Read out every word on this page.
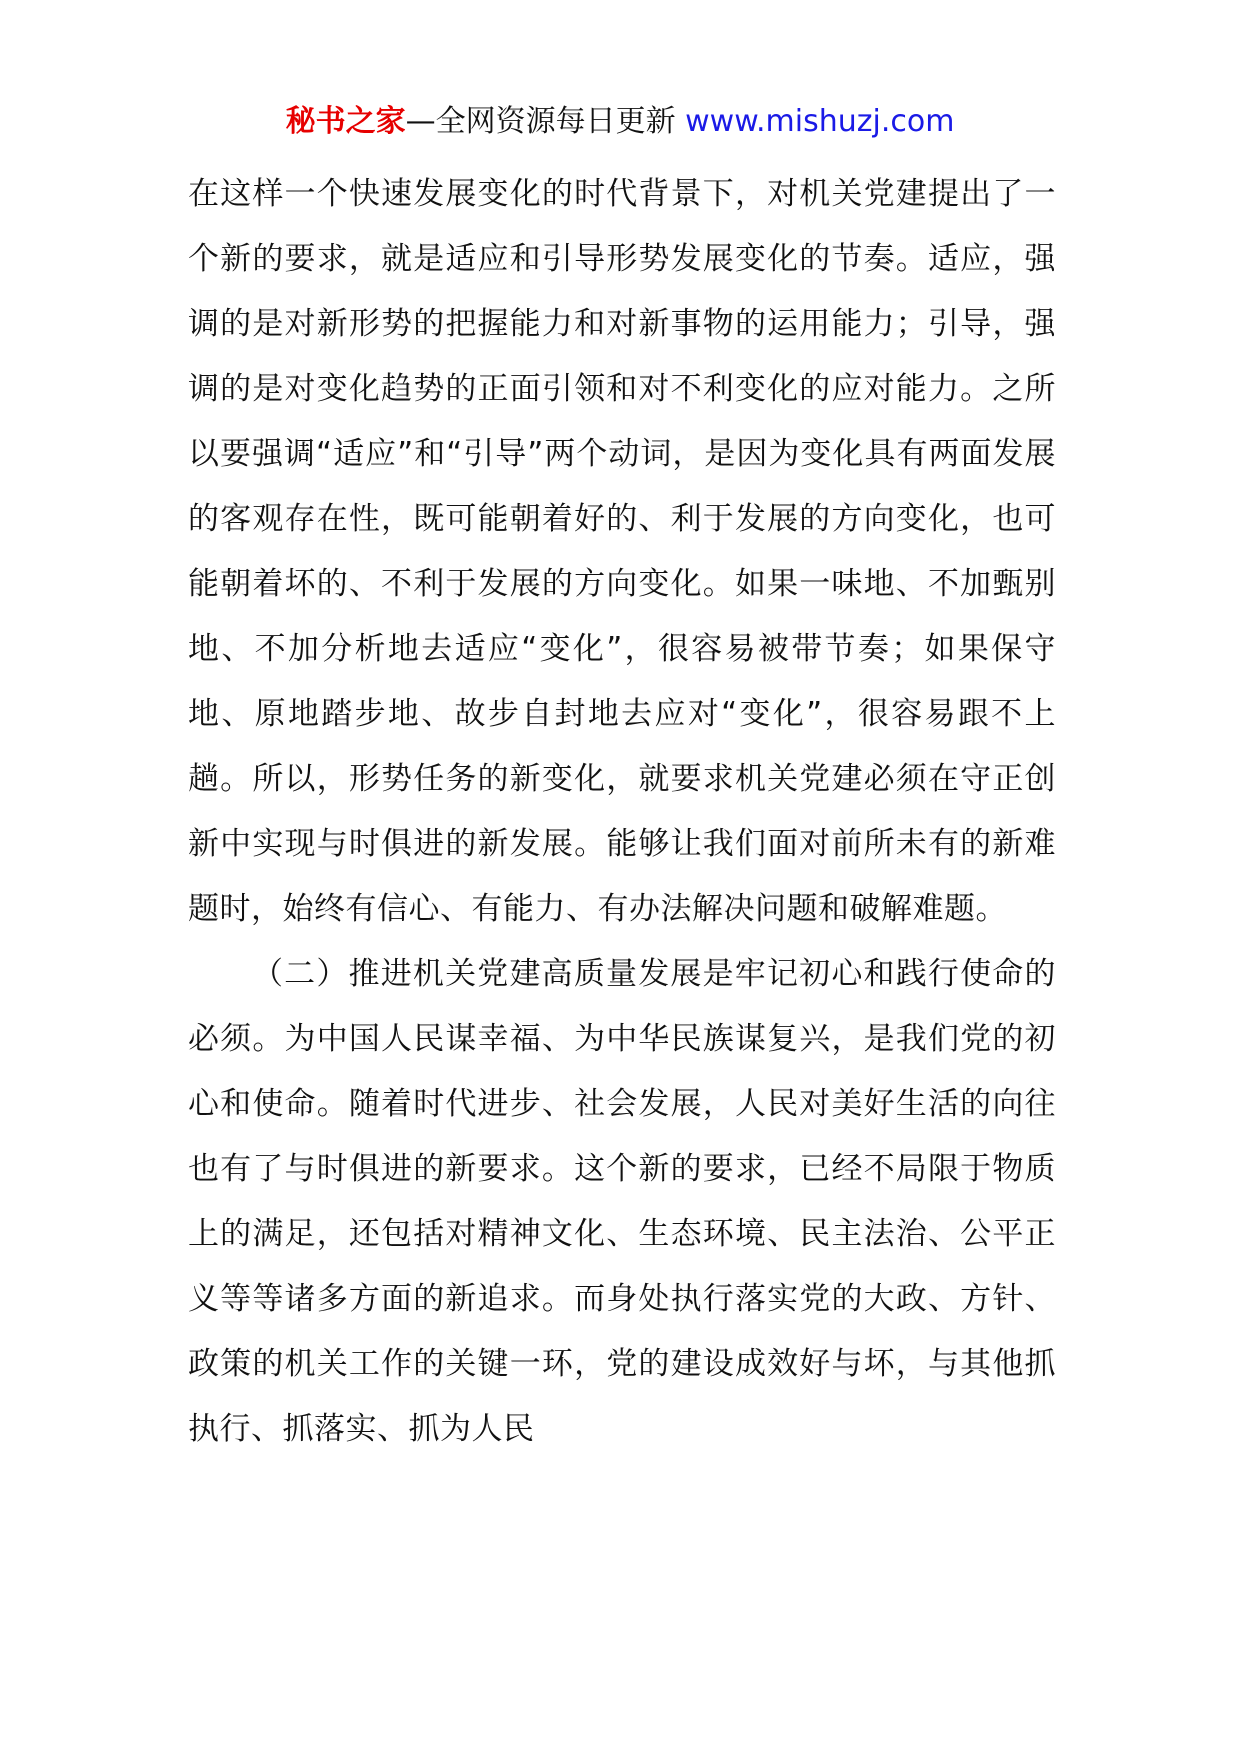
秘书之家—全网资源每日更新 www.mishuzj.com

在这样一个快速发展变化的时代背景下，对机关党建提出了一个新的要求，就是适应和引导形势发展变化的节奏。适应，强调的是对新形势的把握能力和对新事物的运用能力；引导，强调的是对变化趋势的正面引领和对不利变化的应对能力。之所以要强调“适应”和“引导”两个动词，是因为变化具有两面发展的客观存在性，既可能朝着好的、利于发展的方向变化，也可能朝着坏的、不利于发展的方向变化。如果一味地、不加甄别地、不加分析地去适应“变化”，很容易被带节奏；如果保守地、原地踏步地、故步自封地去应对“变化”，很容易跟不上趟。所以，形势任务的新变化，就要求机关党建必须在守正创新中实现与时俱进的新发展。能够让我们面对前所未有的新难题时，始终有信心、有能力、有办法解决问题和破解难题。

（二）推进机关党建高质量发展是牢记初心和践行使命的必须。为中国人民谋幸福、为中华民族谋复兴，是我们党的初心和使命。随着时代进步、社会发展，人民对美好生活的向往也有了与时俱进的新要求。这个新的要求，已经不局限于物质上的满足，还包括对精神文化、生态环境、民主法治、公平正义等等诸多方面的新追求。而身处执行落实党的大政、方针、政策的机关工作的关键一环，党的建设成效好与坏，与其他抓执行、抓落实、抓为人民
